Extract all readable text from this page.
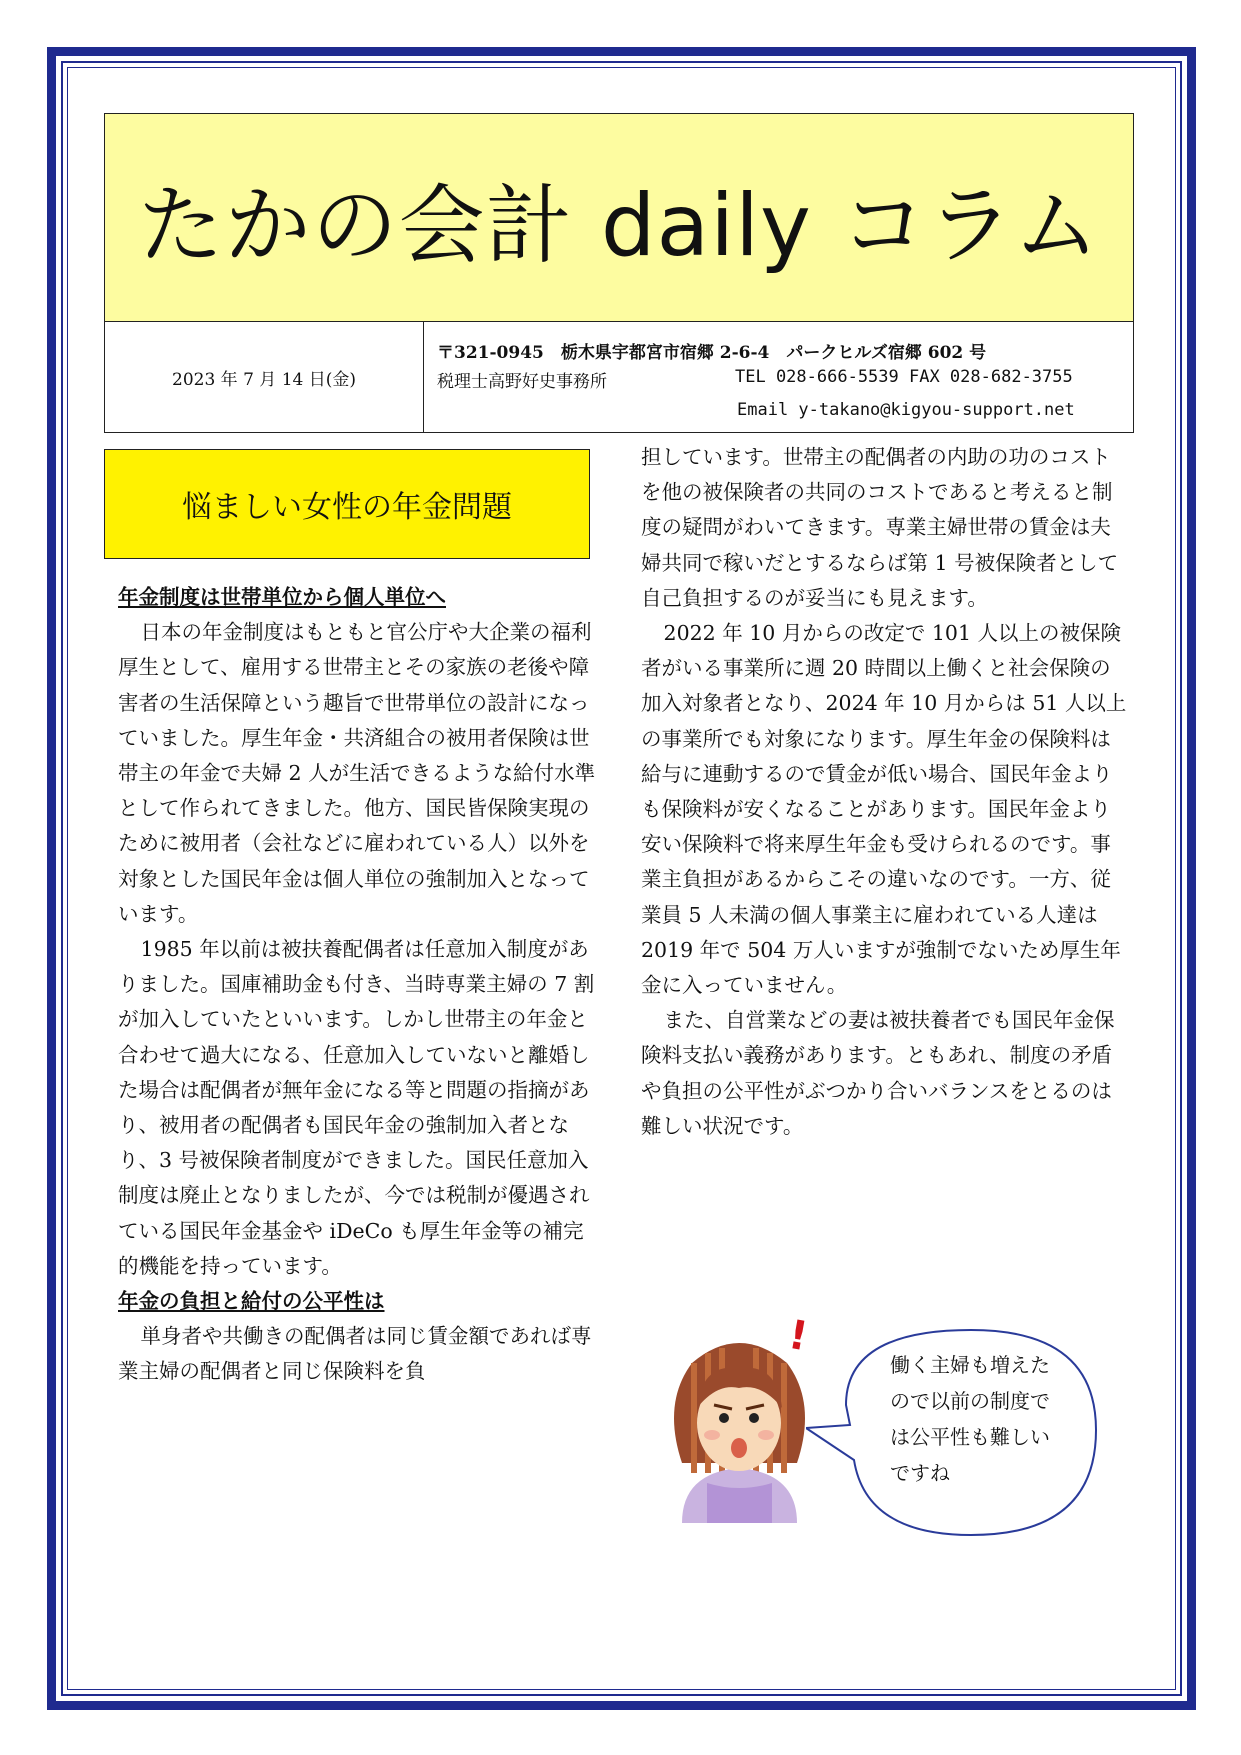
たかの会計 daily コラム
2023 年 7 月 14 日(金)
〒321-0945　栃木県宇都宮市宿郷 2-6-4　パークヒルズ宿郷 602 号
税理士高野好史事務所	TEL 028-666-5539 FAX 028-682-3755
Email y-takano@kigyou-support.net
悩ましい女性の年金問題

年金制度は世帯単位から個人単位へ

日本の年金制度はもともと官公庁や大企業の福利厚生として、雇用する世帯主とその家族の老後や障害者の生活保障という趣旨で世帯単位の設計になっていました。厚生年金・共済組合の被用者保険は世帯主の年金で夫婦 2 人が生活できるような給付水準として作られてきました。他方、国民皆保険実現のために被用者（会社などに雇われている人）以外を対象とした国民年金は個人単位の強制加入となっています。

1985 年以前は被扶養配偶者は任意加入制度がありました。国庫補助金も付き、当時専業主婦の 7 割が加入していたといいます。しかし世帯主の年金と合わせて過大になる、任意加入していないと離婚した場合は配偶者が無年金になる等と問題の指摘があり、被用者の配偶者も国民年金の強制加入者となり、3 号被保険者制度ができました。国民任意加入制度は廃止となりましたが、今では税制が優遇されている国民年金基金や iDeCo も厚生年金等の補完的機能を持っています。

年金の負担と給付の公平性は

単身者や共働きの配偶者は同じ賃金額であれば専業主婦の配偶者と同じ保険料を負

担しています。世帯主の配偶者の内助の功のコストを他の被保険者の共同のコストであると考えると制度の疑問がわいてきます。専業主婦世帯の賃金は夫婦共同で稼いだとするならば第 1 号被保険者として自己負担するのが妥当にも見えます。

2022 年 10 月からの改定で 101 人以上の被保険者がいる事業所に週 20 時間以上働くと社会保険の加入対象者となり、2024 年 10 月からは 51 人以上の事業所でも対象になります。厚生年金の保険料は給与に連動するので賃金が低い場合、国民年金よりも保険料が安くなることがあります。国民年金より安い保険料で将来厚生年金も受けられるのです。事業主負担があるからこその違いなのです。一方、従業員 5 人未満の個人事業主に雇われている人達は 2019 年で 504 万人いますが強制でないため厚生年金に入っていません。

また、自営業などの妻は被扶養者でも国民年金保険料支払い義務があります。ともあれ、制度の矛盾や負担の公平性がぶつかり合いバランスをとるのは難しい状況です。

!
働く主婦も増えた
ので以前の制度で
は公平性も難しい
ですね
